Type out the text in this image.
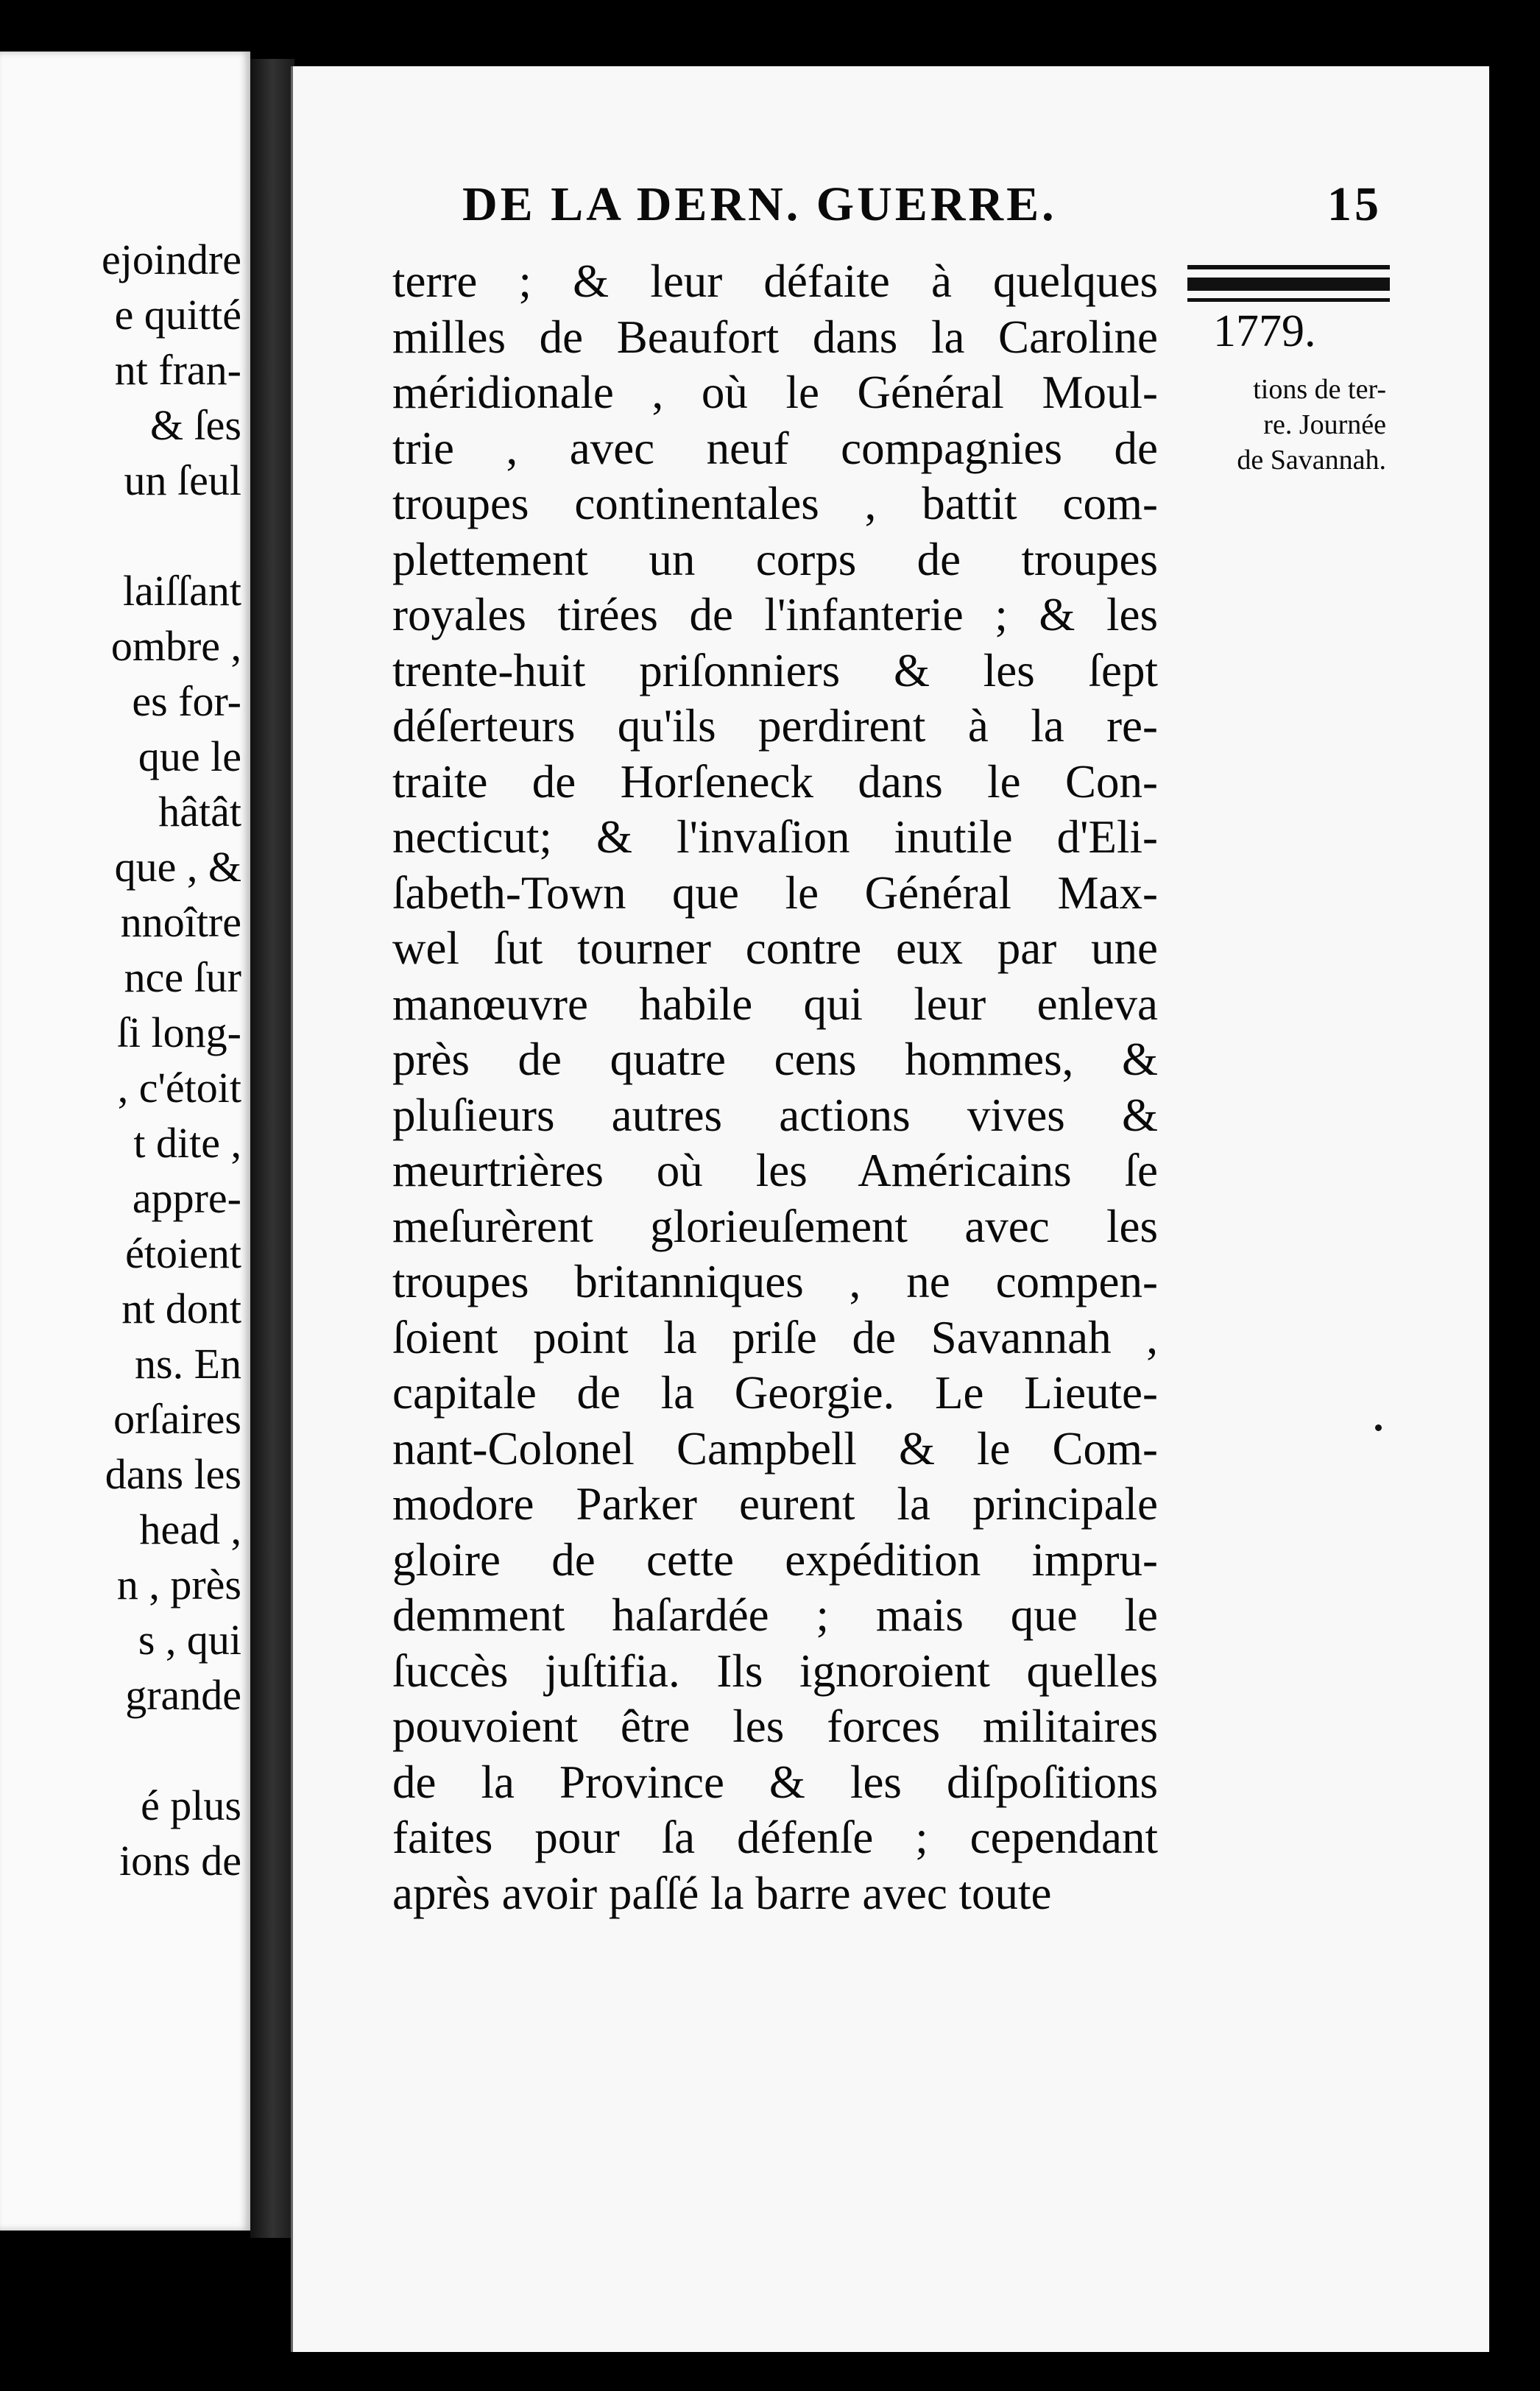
ejoindre
e quitté
nt fran-
& ſes
un ſeul
laiſſant
ombre ,
es for-
que le
hâtât
que , &
nnoître
nce ſur
ſi long-
, c'étoit
t dite ,
appre-
étoient
nt dont
ns. En
orſaires
dans les
head ,
n , près
s , qui
grande
é plus
ions de
DE LA DERN. GUERRE.	15
1779.
tions de ter-
re. Journée
de Savannah.
terre ; & leur défaite à quelques
milles de Beaufort dans la Caroline
méridionale , où le Général Moul-
trie , avec neuf compagnies de
troupes continentales , battit com-
plettement un corps de troupes
royales tirées de l'infanterie ; & les
trente-huit priſonniers & les ſept
déſerteurs qu'ils perdirent à la re-
traite de Horſeneck dans le Con-
necticut; & l'invaſion inutile d'Eli-
ſabeth-Town que le Général Max-
wel ſut tourner contre eux par une
manœuvre habile qui leur enleva
près de quatre cens hommes, &
pluſieurs autres actions vives &
meurtrières où les Américains ſe
meſurèrent glorieuſement avec les
troupes britanniques , ne compen-
ſoient point la priſe de Savannah ,
capitale de la Georgie. Le Lieute-
nant-Colonel Campbell & le Com-
modore Parker eurent la principale
gloire de cette expédition impru-
demment haſardée ; mais que le
ſuccès juſtifia. Ils ignoroient quelles
pouvoient être les forces militaires
de la Province & les diſpoſitions
faites pour ſa défenſe ; cependant
après avoir paſſé la barre avec toute
